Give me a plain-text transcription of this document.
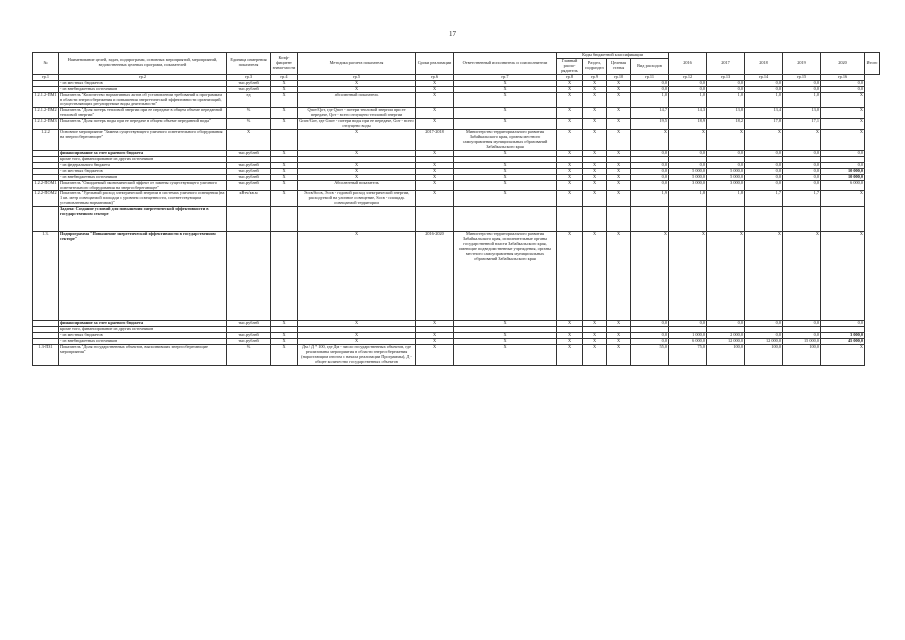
17
№	Наименование целей, задач, подпрограмм, основных мероприятий, мероприятий, ведомственных целевых программ, показателей	Единица измерения показателя	Коэф-фициент значи-мости	Методика расчета показателя	Сроки реализации	Ответственный исполнитель и соисполнители	Коды бюджетной классификации				2016	2017	2018	2019	2020	Итого
							Главный распо-рядитель	Раздел, подраздел	Целевая статья	Вид расходов						
гр.1	гр.2	гр.3	гр.4	гр.5	гр.6	гр.7	гр.8	гр.9	гр.10	гр.11	гр.12	гр.13	гр.14	гр.15	гр.16	
	- из местных бюджетов	тыс.рублей	X	X	X	X	X	X	X	0,0	0,0	0,0	0,0	0,0	0,0	
	- из внебюджетных источников	тыс.рублей	X	X	X	X	X	X	X	0,0	0,0	0,0	0,0	0,0	0,0	
1.2.1.2-ПМ1	Показатель "Количество нормативных актов об установлении требований к программам в области энергосбережения и повышения энергетической эффективности организаций, осуществляющих регулируемые виды деятельности"	ед	X	абсолютный показатель	X	X	X	X	X	1,0	1,0	1,0	1,0	1,0	X	
1.2.1.2-ПМ2	Показатель "Доля потерь тепловой энергии при ее передаче в общем объеме переданной тепловой энергии"	%	X	Qпот/Qот, где Qпот - потери тепловой энергии при ее передаче, Qот - всего отпущено тепловой энергии	X	X	X	X	X	14,7	14,3	13,8	13,4	13,0	X	
1.2.1.2-ПМ3	Показатель "Доля потерь воды при ее передаче в общем объеме переданной воды"	%	X	Gпот/Gот, где Gпот - потери воды при ее передаче, Gот - всего отпущено воды	X	X	X	X	X	19,5	18,9	18,2	17,8	17,1	X	
1.2.2	Основное мероприятие "Замена существующего уличного осветительного оборудования на энергосберегающее"	X		X	2017-2018	Министерство территориального развития Забайкальского края, органы местного самоуправления муниципальных образований Забайкальского края	X	X	X	X	X	X	X	X	X	
	финансирование за счет краевого бюджета	тыс.рублей	X	X	X	X	X	X	X	0,0	0,0	0,0	0,0	0,0	0,0	
	кроме того, финансирование из других источников															
	- из федерального бюджета	тыс.рублей	X	X	X	X	X	X	X	0,0	0,0	0,0	0,0	0,0	0,0	
	- из местных бюджетов	тыс.рублей	X	X	X	X	X	X	X	0,0	5 000,0	5 000,0	0,0	0,0	10 000,0	
	- из внебюджетных источников	тыс.рублей	X	X	X	X	X	X	X	0,0	5 000,0	5 000,0	0,0	0,0	10 000,0	
1.2.2-ПОМ1	Показатель "Ожидаемый экономический эффект от замены существующего уличного осветительного оборудования на энергосберегающее"	тыс.рублей	X	Абсолютный показатель	X	X	X	X	X	0,0	3 000,0	3 000,0	0,0	0,0	6 000,0	
1.2.2-ПОМ2	Показатель "Удельный расход электрической энергии в системах уличного освещения (на 1 кв. метр освещаемой площади с уровнем освещенности, соответствующим установленным нормативам)"	кВтч/кв.м	X	Эосв/Sосв, Эосв - годовой расход электрической энергии, расходуемой на уличное освещение, Sосв - площадь освещаемой территории	X	X	X	X	X	1,9	1,8	1,8	1,7	1,7	X	
	Задача: Создание условий для повышения энергетической эффективности в государственном секторе															
1.3.	Подпрограмма "Повышение энергетической эффективности в государственном секторе"			X	2016-2020	Министерство территориального развития Забайкальского края, исполнительные органы государственной власти Забайкальского края, имеющие подведомственные учреждения, органы местного самоуправления муниципальных образований Забайкальского края	X	X	X	X	X	X	X	X	X	
	финансирование за счет краевого бюджета	тыс.рублей	X	X	X	X	X	X	X	0,0	0,0	0,0	0,0	0,0	0,0	
	кроме того, финансирование из других источников															
	- из местных бюджетов	тыс.рублей	X	X	X	X	X	X	X	0,0	1 000,0	2 000,0	0,0	0,0	3 000,0	
	- из внебюджетных источников	тыс.рублей	X	X	X	X	X	X	X	0,0	6 000,0	12 000,0	12 000,0	15 000,0	45 000,0	
1.3-ПЗ1	Показатель "Доля государственных объектов, выполнивших энергосберегающие мероприятия"	%	X	Дм / Д * 100, где Дм - число государственных объектов, где реализованы мероприятия в области энергосбережения (нарастающим итогом с начала реализации Программы), Д - общее количество государственных объектов	X	X	X	X	X	55,0	75,0	100,0	100,0	100,0	X	
